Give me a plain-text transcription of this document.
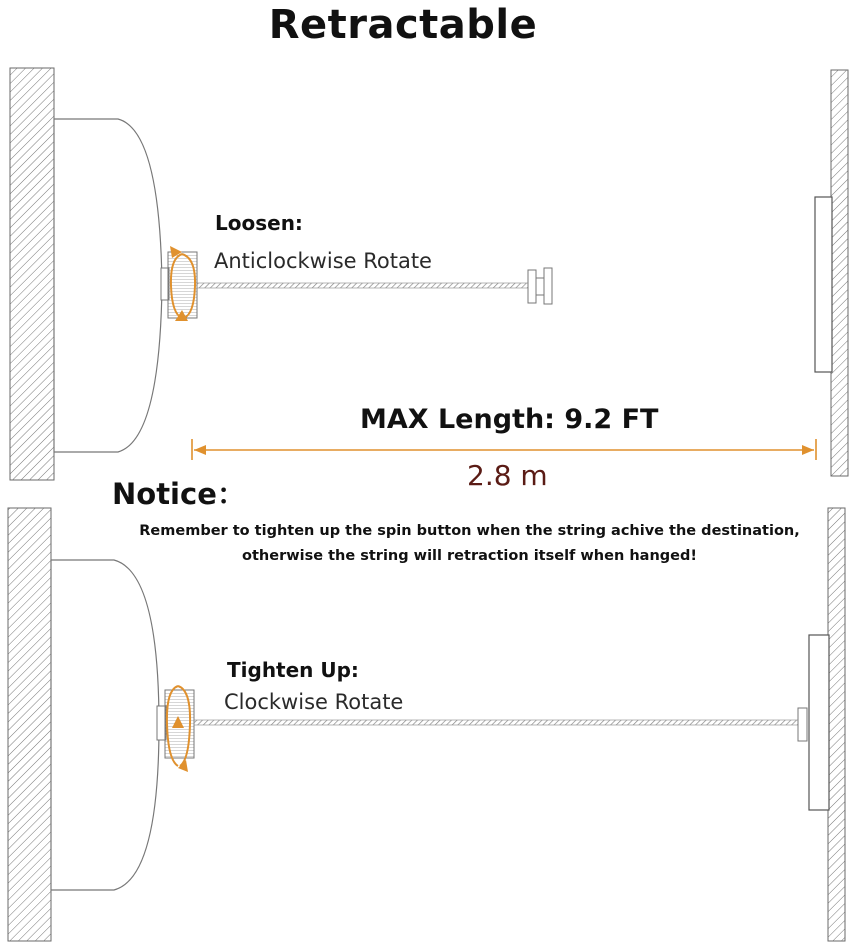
Retractable
Loosen:
Anticlockwise Rotate
MAX Length: 9.2 FT
2.8 m
Notice：
Remember to tighten up the spin button when the string achive the destination,
otherwise the string will retraction itself when hanged!
Tighten Up:
Clockwise Rotate
